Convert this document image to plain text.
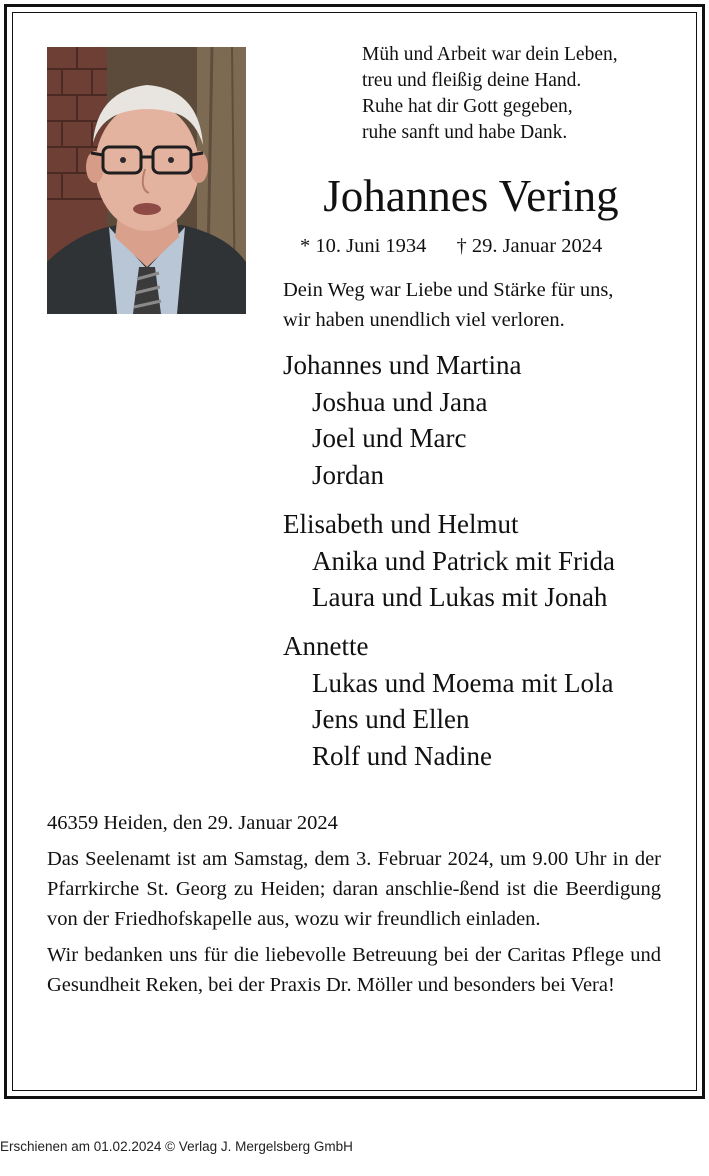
Müh und Arbeit war dein Leben,
treu und fleißig deine Hand.
Ruhe hat dir Gott gegeben,
ruhe sanft und habe Dank.
Johannes Vering
* 10. Juni 1934 † 29. Januar 2024
Dein Weg war Liebe und Stärke für uns,
wir haben unendlich viel verloren.
Johannes und Martina
Joshua und Jana
Joel und Marc
Jordan
Elisabeth und Helmut
Anika und Patrick mit Frida
Laura und Lukas mit Jonah
Annette
Lukas und Moema mit Lola
Jens und Ellen
Rolf und Nadine

46359 Heiden, den 29. Januar 2024

Das Seelenamt ist am Samstag, dem 3. Februar 2024, um 9.00 Uhr in der Pfarrkirche St. Georg zu Heiden; daran anschlie-ßend ist die Beerdigung von der Friedhofskapelle aus, wozu wir freundlich einladen.

Wir bedanken uns für die liebevolle Betreuung bei der Caritas Pflege und Gesundheit Reken, bei der Praxis Dr. Möller und besonders bei Vera!

Erschienen am 01.02.2024 © Verlag J. Mergelsberg GmbH
